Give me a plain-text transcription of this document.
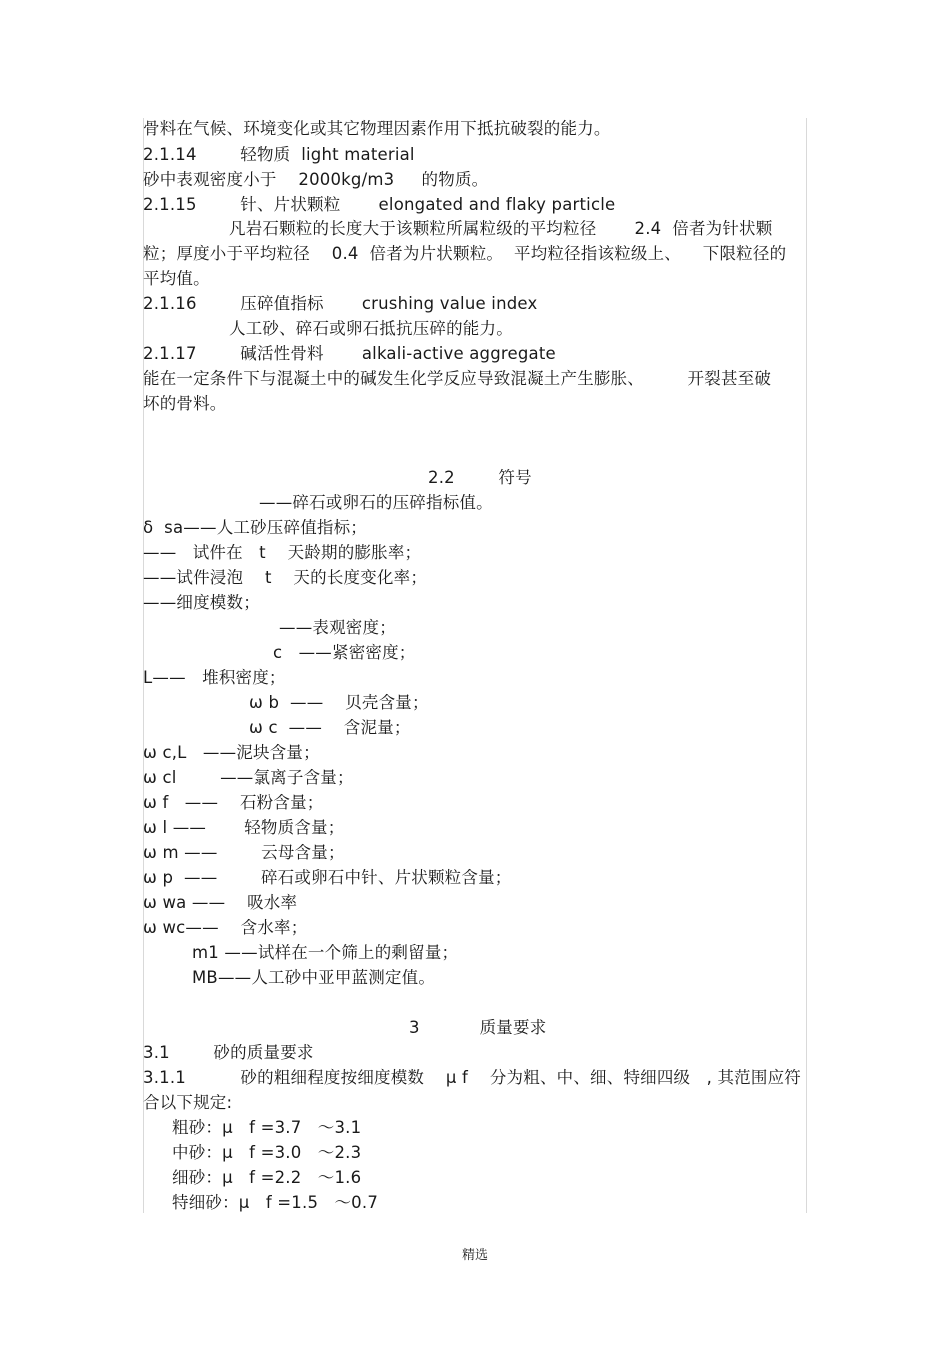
骨料在气候、环境变化或其它物理因素作用下抵抗破裂的能力。
2.1.14        轻物质  light material
砂中表观密度小于    2000kg/m3     的物质。
2.1.15        针、片状颗粒       elongated and flaky particle
凡岩石颗粒的长度大于该颗粒所属粒级的平均粒径       2.4  倍者为针状颗
粒；厚度小于平均粒径    0.4  倍者为片状颗粒。  平均粒径指该粒级上、    下限粒径的
平均值。
2.1.16        压碎值指标       crushing value index
人工砂、碎石或卵石抵抗压碎的能力。
2.1.17        碱活性骨料       alkali-active aggregate
能在一定条件下与混凝土中的碱发生化学反应导致混凝土产生膨胀、        开裂甚至破
坏的骨料。
2.2        符号
——碎石或卵石的压碎指标值。
δ  sa——人工砂压碎值指标；
——   试件在   t    天龄期的膨胀率；
——试件浸泡    t    天的长度变化率；
——细度模数；
——表观密度；
c   ——紧密密度；
L——   堆积密度；
ω b  ——    贝壳含量；
ω c  ——    含泥量；
ω c,L   ——泥块含量；
ω cl        ——氯离子含量；
ω f   ——    石粉含量；
ω l ——       轻物质含量；
ω m ——        云母含量；
ω p  ——        碎石或卵石中针、片状颗粒含量；
ω wa ——    吸水率
ω wc——    含水率；
m1 ——试样在一个筛上的剩留量；
MB——人工砂中亚甲蓝测定值。
3           质量要求
3.1        砂的质量要求
3.1.1          砂的粗细程度按细度模数    μ f    分为粗、中、细、特细四级   , 其范围应符
合以下规定:
粗砂：μ   f =3.7   ～3.1
中砂：μ   f =3.0   ～2.3
细砂：μ   f =2.2   ～1.6
特细砂：μ   f =1.5   ～0.7
精选
